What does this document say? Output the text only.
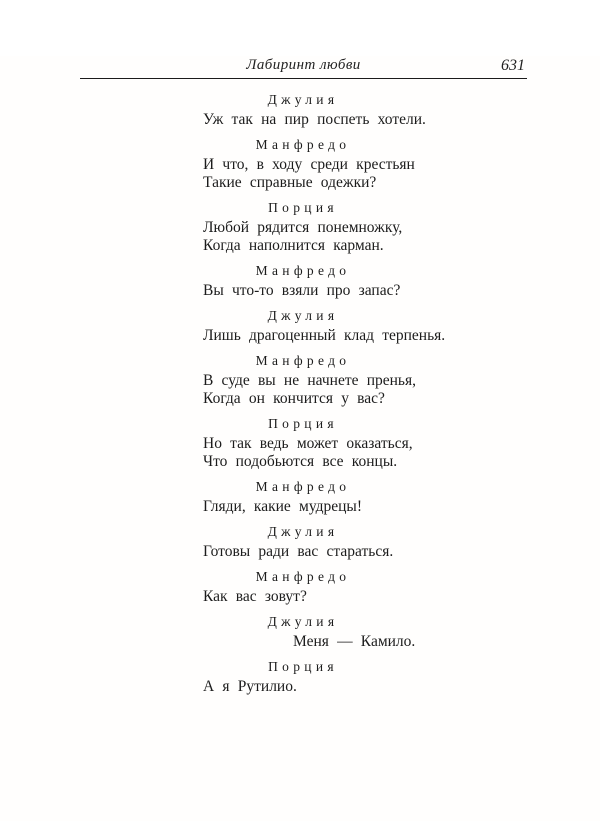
Лабиринт любви	631
Джулия
Уж так на пир поспеть хотели.
Манфредо
И что, в ходу среди крестьян
Такие справные одежки?
Порция
Любой рядится понемножку,
Когда наполнится карман.
Манфредо
Вы что-то взяли про запас?
Джулия
Лишь драгоценный клад терпенья.
Манфредо
В суде вы не начнете пренья,
Когда он кончится у вас?
Порция
Но так ведь может оказаться,
Что подобьются все концы.
Манфредо
Гляди, какие мудрецы!
Джулия
Готовы ради вас стараться.
Манфредо
Как вас зовут?
Джулия
Меня — Камило.
Порция
А я Рутилио.
